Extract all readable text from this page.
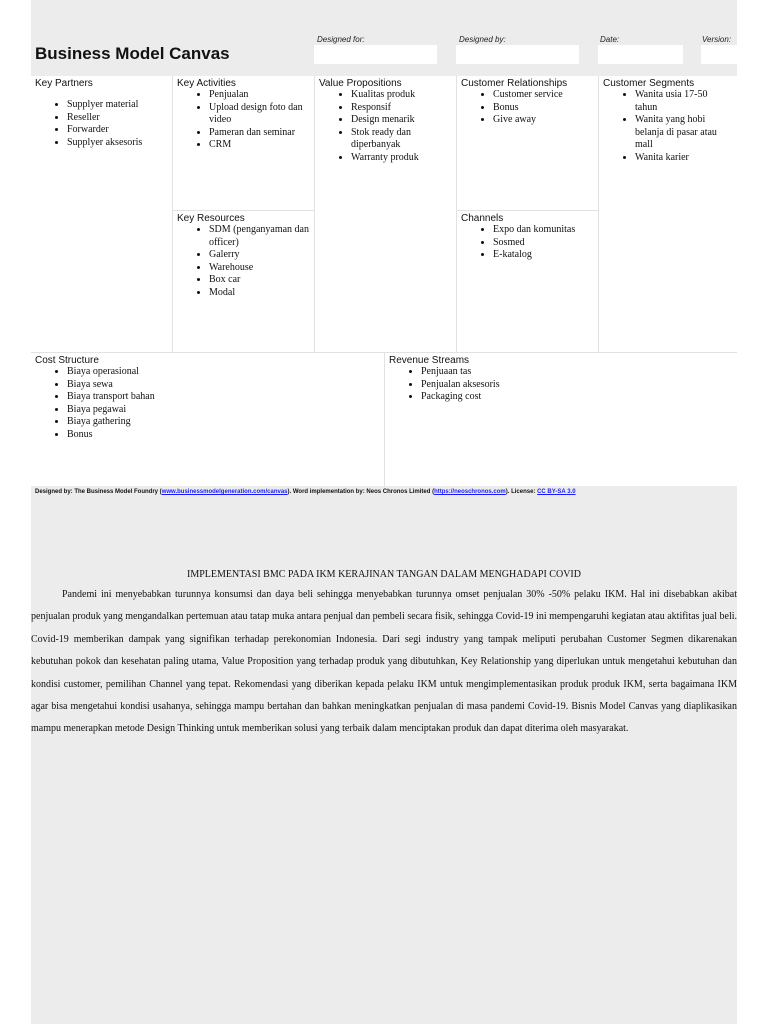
Business Model Canvas
Designed for:	Designed by:	Date:	Version:
Key Partners
• Supplyer material
• Reseller
• Forwarder
• Supplyer aksesoris
Key Activities
• Penjualan
• Upload design foto dan video
• Pameran dan seminar
• CRM
Key Resources
• SDM (penganyaman dan officer)
• Galerry
• Warehouse
• Box car
• Modal
Value Propositions
• Kualitas produk
• Responsif
• Design menarik
• Stok ready dan diperbanyak
• Warranty produk
Customer Relationships
• Customer service
• Bonus
• Give away
Channels
• Expo dan komunitas
• Sosmed
• E-katalog
Customer Segments
• Wanita usia 17-50 tahun
• Wanita yang hobi belanja di pasar atau mall
• Wanita karier
Cost Structure
• Biaya operasional
• Biaya sewa
• Biaya transport bahan
• Biaya pegawai
• Biaya gathering
• Bonus
Revenue Streams
• Penjuaan tas
• Penjualan aksesoris
• Packaging cost
Designed by: The Business Model Foundry (www.businessmodelgeneration.com/canvas). Word implementation by: Neos Chronos Limited (https://neoschronos.com). License: CC BY-SA 3.0
IMPLEMENTASI BMC PADA IKM KERAJINAN TANGAN DALAM MENGHADAPI COVID

Pandemi ini menyebabkan turunnya konsumsi dan daya beli sehingga menyebabkan turunnya omset penjualan 30% -50% pelaku IKM. Hal ini disebabkan akibat penjualan produk yang mengandalkan pertemuan atau tatap muka antara penjual dan pembeli secara fisik, sehingga Covid-19 ini mempengaruhi kegiatan atau aktifitas jual beli. Covid-19 memberikan dampak yang signifikan terhadap perekonomian Indonesia. Dari segi industry yang tampak meliputi perubahan Customer Segmen dikarenakan kebutuhan pokok dan kesehatan paling utama, Value Proposition yang terhadap produk yang dibutuhkan, Key Relationship yang diperlukan untuk mengetahui kebutuhan dan kondisi customer, pemilihan Channel yang tepat. Rekomendasi yang diberikan kepada pelaku IKM untuk mengimplementasikan produk produk IKM, serta bagaimana IKM agar bisa mengetahui kondisi usahanya, sehingga mampu bertahan dan bahkan meningkatkan penjualan di masa pandemi Covid-19. Bisnis Model Canvas yang diaplikasikan mampu menerapkan metode Design Thinking untuk memberikan solusi yang terbaik dalam menciptakan produk dan dapat diterima oleh masyarakat.
